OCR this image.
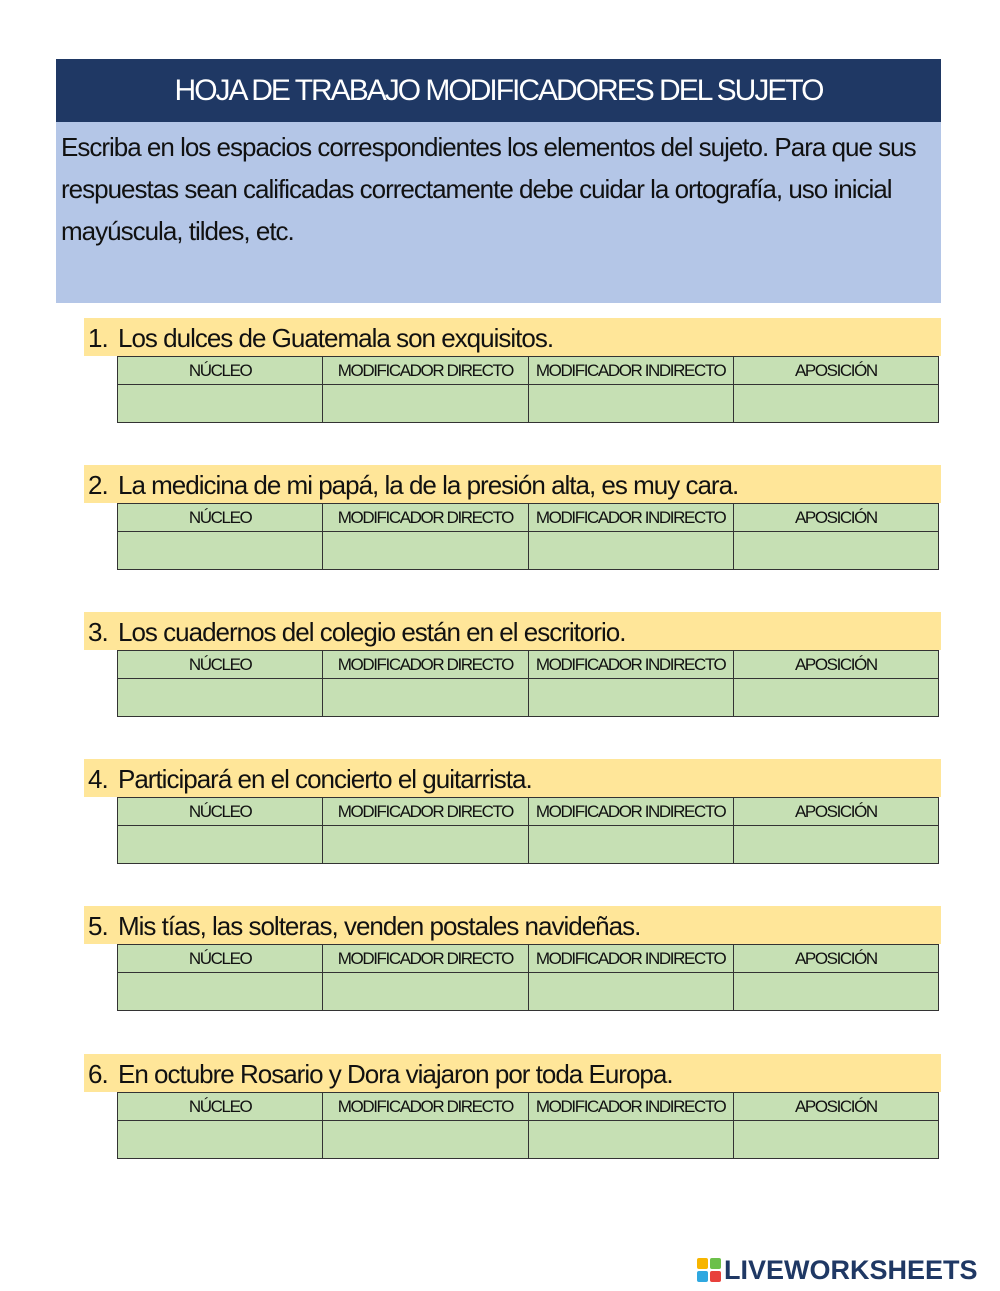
HOJA DE TRABAJO MODIFICADORES DEL SUJETO
Escriba en los espacios correspondientes los elementos del sujeto. Para que sus respuestas sean calificadas correctamente debe cuidar la ortografía, uso inicial mayúscula, tildes, etc.
1. Los dulces de Guatemala son exquisitos.
NÚCLEO	MODIFICADOR DIRECTO	MODIFICADOR INDIRECTO	APOSICIÓN

2. La medicina de mi papá, la de la presión alta, es muy cara.
NÚCLEO	MODIFICADOR DIRECTO	MODIFICADOR INDIRECTO	APOSICIÓN

3. Los cuadernos del colegio están en el escritorio.
NÚCLEO	MODIFICADOR DIRECTO	MODIFICADOR INDIRECTO	APOSICIÓN

4. Participará en el concierto el guitarrista.
NÚCLEO	MODIFICADOR DIRECTO	MODIFICADOR INDIRECTO	APOSICIÓN

5. Mis tías, las solteras, venden postales navideñas.
NÚCLEO	MODIFICADOR DIRECTO	MODIFICADOR INDIRECTO	APOSICIÓN

6. En octubre Rosario y Dora viajaron por toda Europa.
NÚCLEO	MODIFICADOR DIRECTO	MODIFICADOR INDIRECTO	APOSICIÓN

LIVEWORKSHEETS
